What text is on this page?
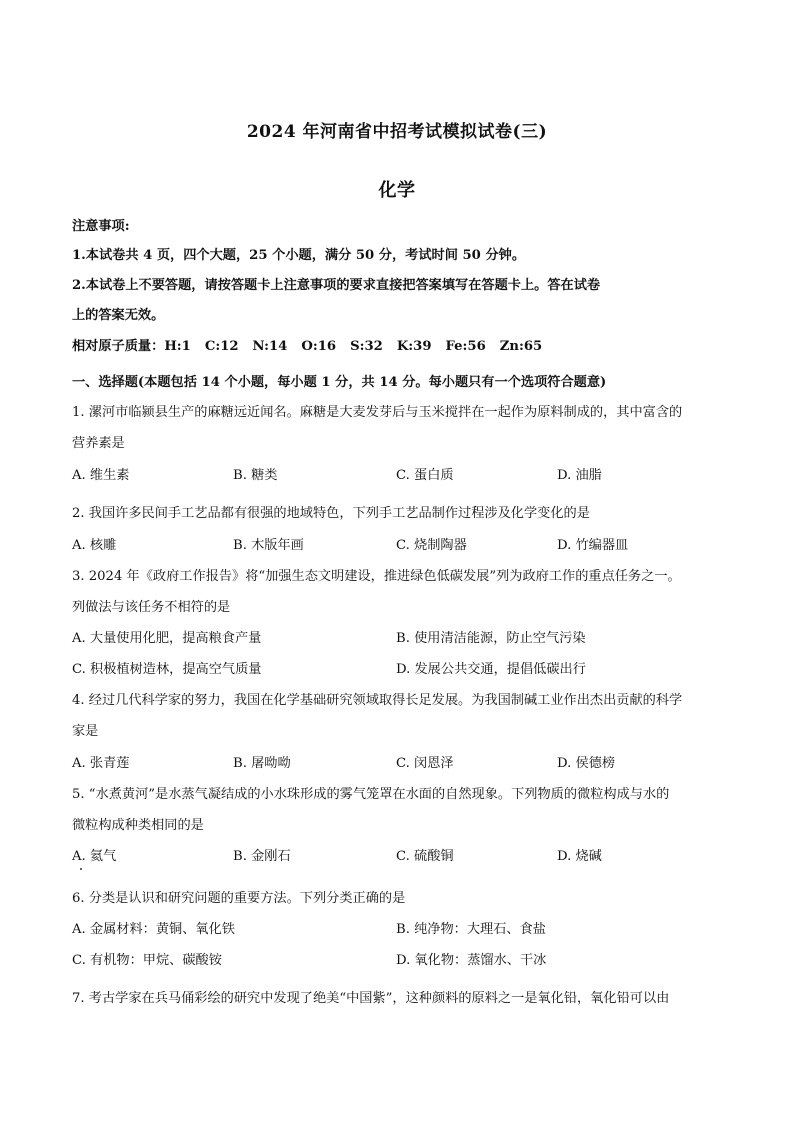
2024 年河南省中招考试模拟试卷(三)
化学
注意事项:
1.本试卷共 4 页，四个大题，25 个小题，满分 50 分，考试时间 50 分钟。
2.本试卷上不要答题，请按答题卡上注意事项的要求直接把答案填写在答题卡上。答在试卷
上的答案无效。
相对原子质量：H:1 C:12 N:14 O:16 S:32 K:39 Fe:56 Zn:65
一、选择题(本题包括 14 个小题，每小题 1 分，共 14 分。每小题只有一个选项符合题意)
1. 漯河市临颍县生产的麻糖远近闻名。麻糖是大麦发芽后与玉米搅拌在一起作为原料制成的，其中富含的
营养素是
A. 维生素	B. 糖类	C. 蛋白质	D. 油脂
2. 我国许多民间手工艺品都有很强的地域特色，下列手工艺品制作过程涉及化学变化的是
A. 核雕	B. 木版年画	C. 烧制陶器	D. 竹编器皿
3. 2024 年《政府工作报告》将“加强生态文明建设，推进绿色低碳发展”列为政府工作的重点任务之一。
列做法与该任务不相符的是
A. 大量使用化肥，提高粮食产量	B. 使用清洁能源，防止空气污染
C. 积极植树造林，提高空气质量	D. 发展公共交通，提倡低碳出行
4. 经过几代科学家的努力，我国在化学基础研究领域取得长足发展。为我国制碱工业作出杰出贡献的科学
家是
A. 张青莲	B. 屠呦呦	C. 闵恩泽	D. 侯德榜
5. “水煮黄河”是水蒸气凝结成的小水珠形成的雾气笼罩在水面的自然现象。下列物质的微粒构成与水的
微粒构成种类相同的是
A. 氦气	B. 金刚石	C. 硫酸铜	D. 烧碱
6. 分类是认识和研究问题的重要方法。下列分类正确的是
A. 金属材料：黄铜、氧化铁	B. 纯净物：大理石、食盐
C. 有机物：甲烷、碳酸铵	D. 氧化物：蒸馏水、干冰
7. 考古学家在兵马俑彩绘的研究中发现了绝美“中国紫”，这种颜料的原料之一是氧化铅，氧化铅可以由
